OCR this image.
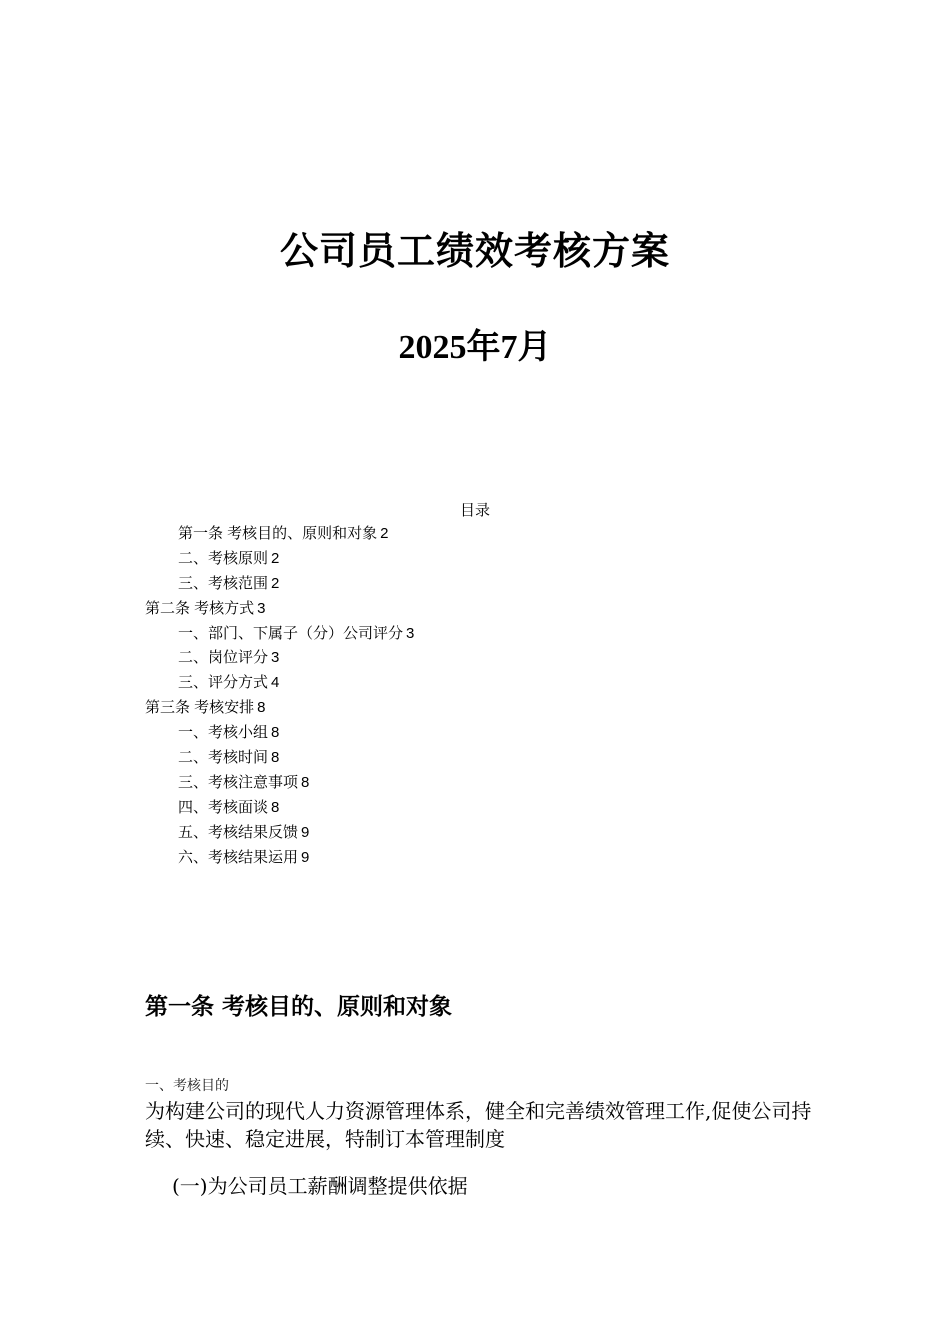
公司员工绩效考核方案
2025年7月
目录
第一条 考核目的、原则和对象 2
二、考核原则 2
三、考核范围 2
第二条 考核方式 3
一、部门、下属子（分）公司评分 3
二、岗位评分 3
三、评分方式 4
第三条 考核安排 8
一、考核小组 8
二、考核时间 8
三、考核注意事项 8
四、考核面谈 8
五、考核结果反馈 9
六、考核结果运用 9
第一条 考核目的、原则和对象
一、考核目的

为构建公司的现代人力资源管理体系，健全和完善绩效管理工作,促使公司持续、快速、稳定进展，特制订本管理制度

(一)为公司员工薪酬调整提供依据
